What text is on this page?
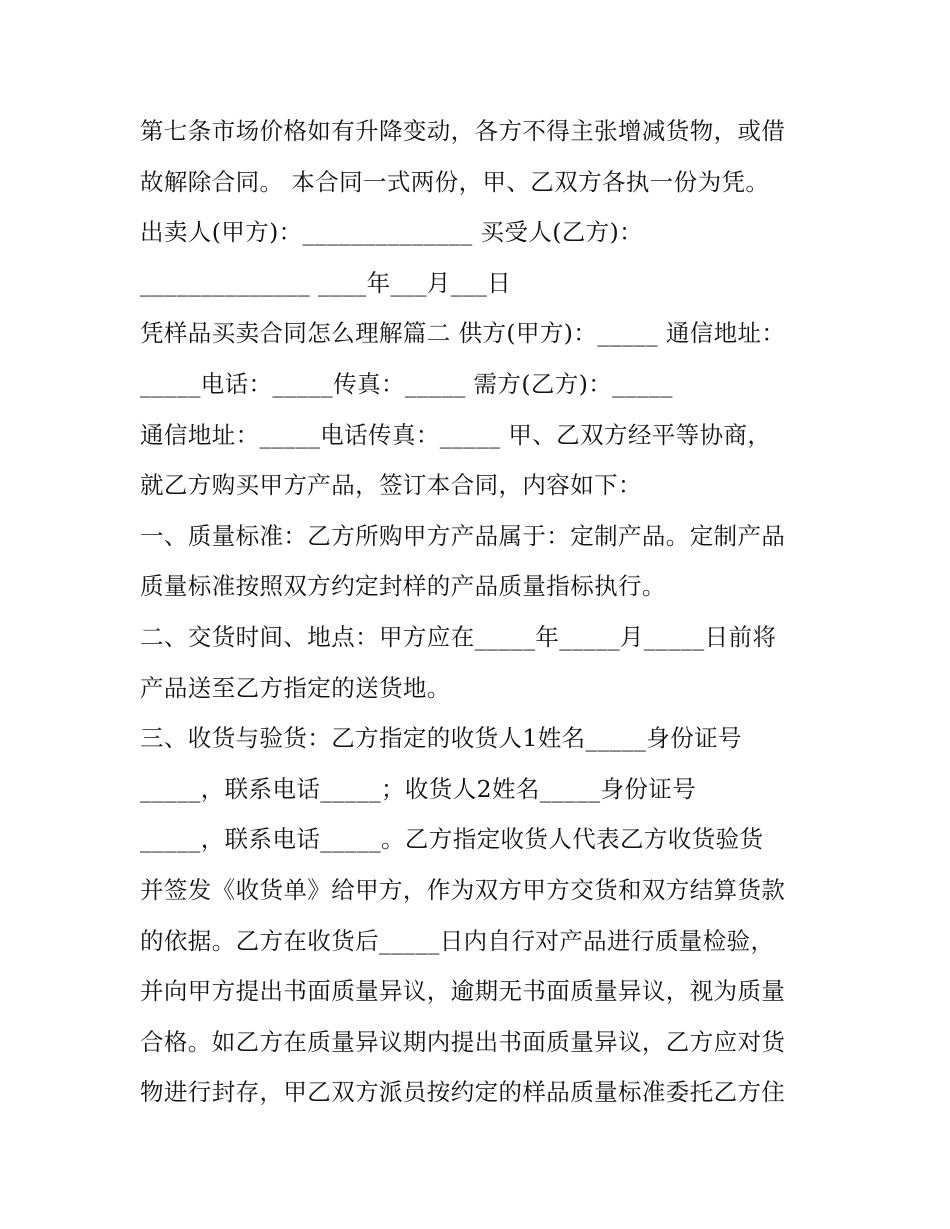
第七条市场价格如有升降变动，各方不得主张增减货物，或借
故解除合同。 本合同一式两份，甲、乙双方各执一份为凭。
出卖人(甲方)：______________ 买受人(乙方)：
______________ ____年___月___日
凭样品买卖合同怎么理解篇二 供方(甲方)：_____ 通信地址：
_____电话：_____传真：_____ 需方(乙方)：_____
通信地址：_____电话传真：_____ 甲、乙双方经平等协商，
就乙方购买甲方产品，签订本合同，内容如下：
一、质量标准：乙方所购甲方产品属于：定制产品。定制产品
质量标准按照双方约定封样的产品质量指标执行。
二、交货时间、地点：甲方应在_____年_____月_____日前将
产品送至乙方指定的送货地。
三、收货与验货：乙方指定的收货人1姓名_____身份证号
_____，联系电话_____；收货人2姓名_____身份证号
_____，联系电话_____。乙方指定收货人代表乙方收货验货
并签发《收货单》给甲方，作为双方甲方交货和双方结算货款
的依据。乙方在收货后_____日内自行对产品进行质量检验，
并向甲方提出书面质量异议，逾期无书面质量异议，视为质量
合格。如乙方在质量异议期内提出书面质量异议，乙方应对货
物进行封存，甲乙双方派员按约定的样品质量标准委托乙方住
